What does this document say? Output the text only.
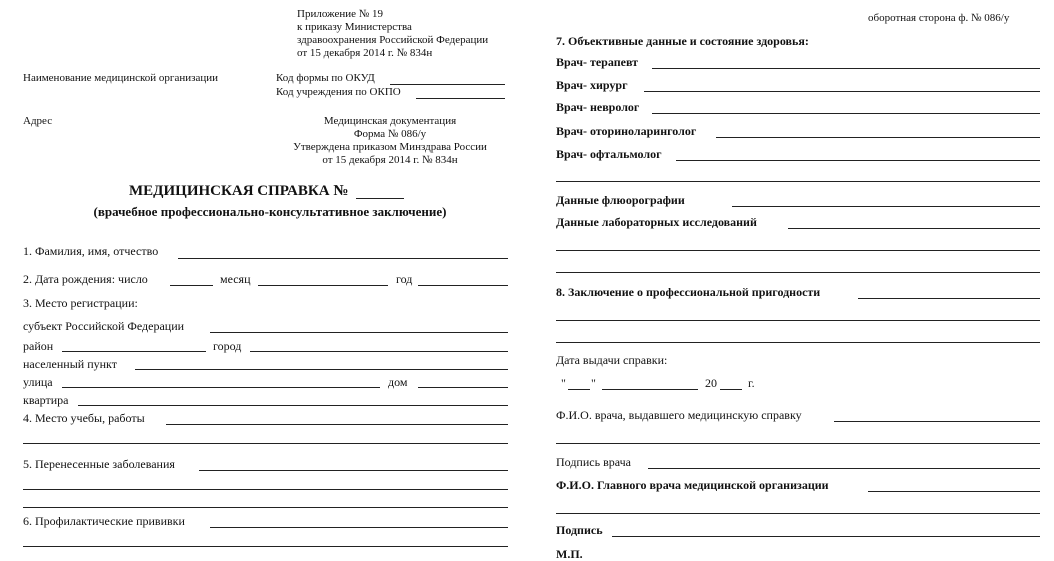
Приложение № 19
к приказу Министерства
здравоохранения Российской Федерации
от 15 декабря 2014 г. № 834н
Наименование медицинской организации	Код формы по ОКУД
Код учреждения по ОКПО
Адрес	Медицинская документация
Форма № 086/у
Утверждена приказом Минздрава России
от 15 декабря 2014 г. № 834н
МЕДИЦИНСКАЯ СПРАВКА №
(врачебное профессионально-консультативное заключение)
1. Фамилия, имя, отчество
2. Дата рождения: число	месяц	год
3. Место регистрации:
субъект Российской Федерации
район	город
населенный пункт
улица	дом
квартира
4. Место учебы, работы
5. Перенесенные заболевания
6. Профилактические прививки
оборотная сторона ф. № 086/у
7. Объективные данные и состояние здоровья:
Врач- терапевт
Врач- хирург
Врач- невролог
Врач- оториноларинголог
Врач- офтальмолог
Данные флюорографии
Данные лабораторных исследований
8. Заключение о профессиональной пригодности
Дата выдачи справки:
" "	20	г.
Ф.И.О. врача, выдавшего медицинскую справку
Подпись врача
Ф.И.О. Главного врача медицинской организации
Подпись
М.П.
